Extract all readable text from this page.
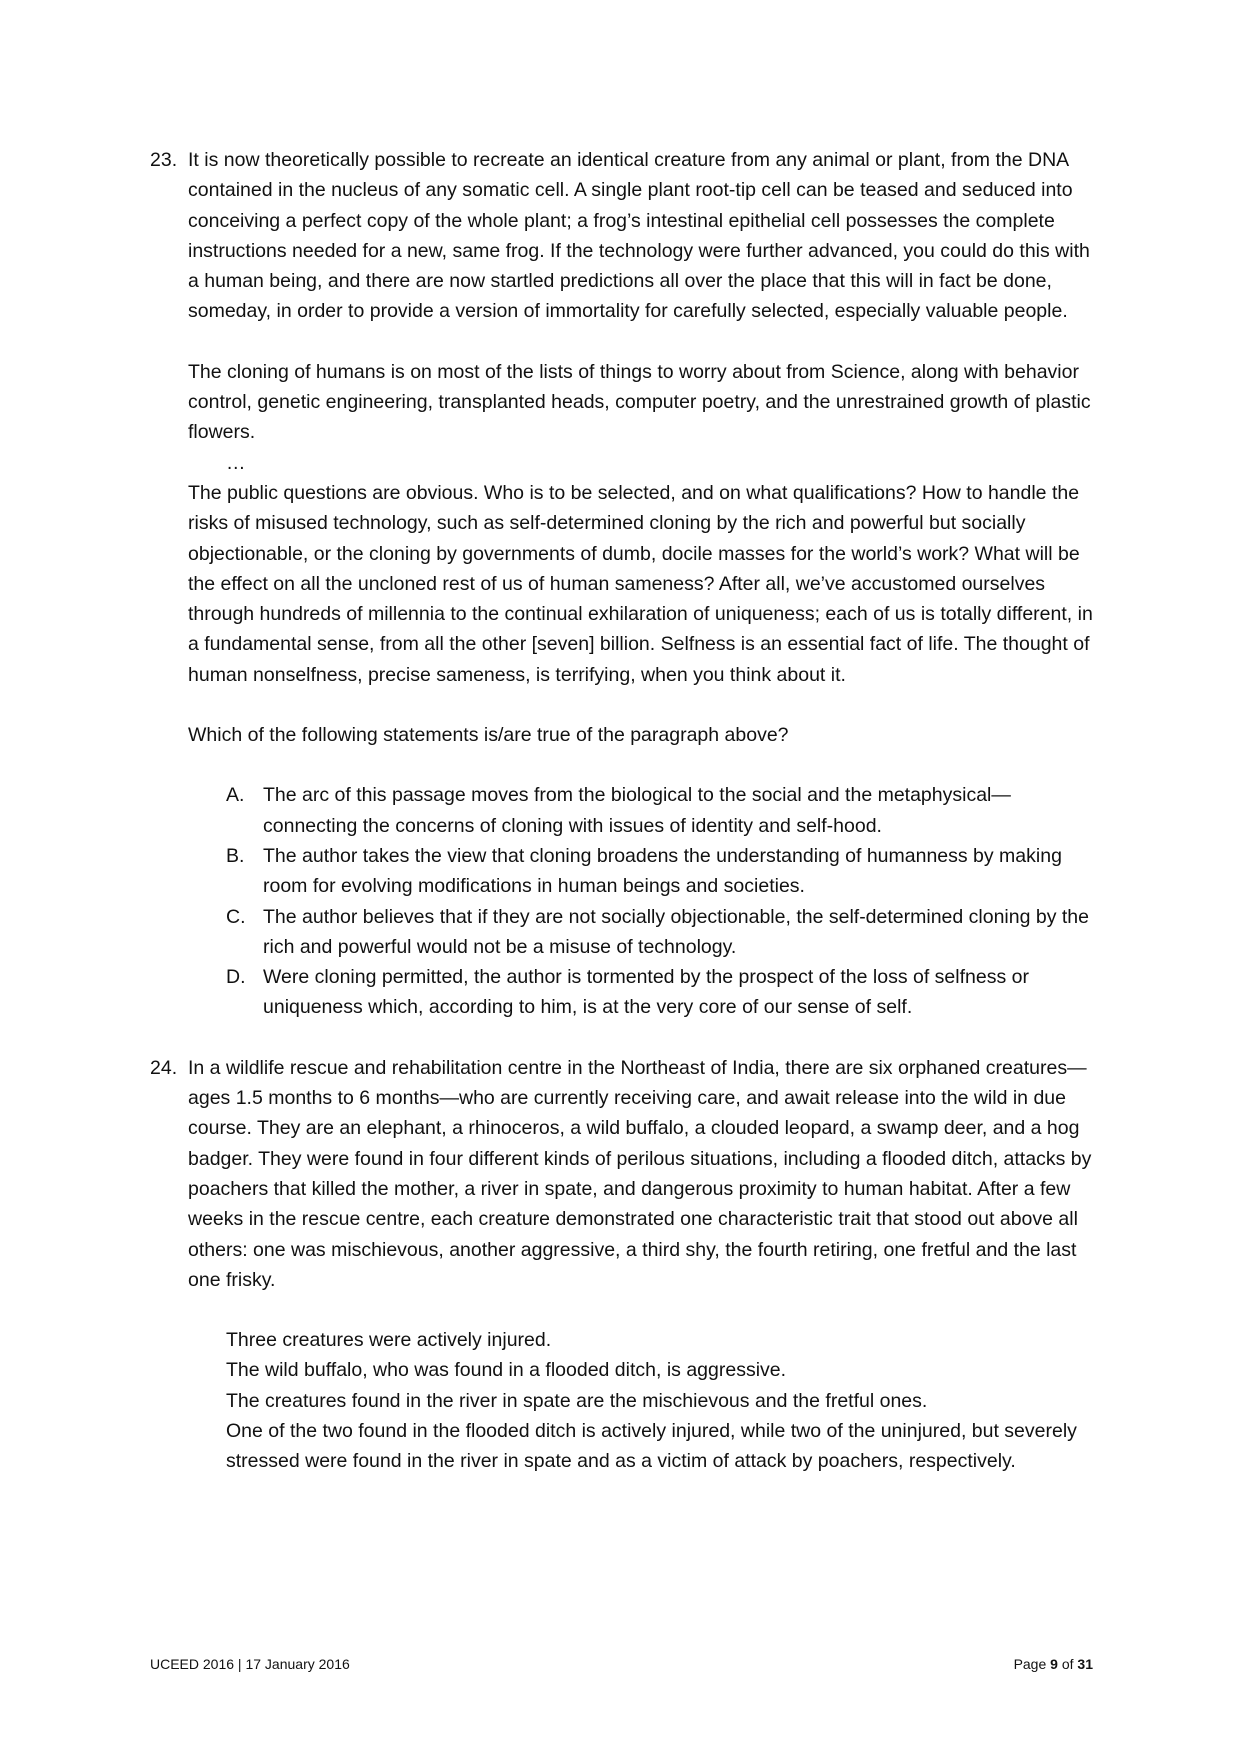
23. It is now theoretically possible to recreate an identical creature from any animal or plant, from the DNA contained in the nucleus of any somatic cell. A single plant root-tip cell can be teased and seduced into conceiving a perfect copy of the whole plant; a frog’s intestinal epithelial cell possesses the complete instructions needed for a new, same frog. If the technology were further advanced, you could do this with a human being, and there are now startled predictions all over the place that this will in fact be done, someday, in order to provide a version of immortality for carefully selected, especially valuable people.

The cloning of humans is on most of the lists of things to worry about from Science, along with behavior control, genetic engineering, transplanted heads, computer poetry, and the unrestrained growth of plastic flowers.

…

The public questions are obvious. Who is to be selected, and on what qualifications? How to handle the risks of misused technology, such as self-determined cloning by the rich and powerful but socially objectionable, or the cloning by governments of dumb, docile masses for the world’s work? What will be the effect on all the uncloned rest of us of human sameness? After all, we’ve accustomed ourselves through hundreds of millennia to the continual exhilaration of uniqueness; each of us is totally different, in a fundamental sense, from all the other [seven] billion. Selfness is an essential fact of life. The thought of human nonselfness, precise sameness, is terrifying, when you think about it.

Which of the following statements is/are true of the paragraph above?

A. The arc of this passage moves from the biological to the social and the metaphysical—connecting the concerns of cloning with issues of identity and self-hood.
B. The author takes the view that cloning broadens the understanding of humanness by making room for evolving modifications in human beings and societies.
C. The author believes that if they are not socially objectionable, the self-determined cloning by the rich and powerful would not be a misuse of technology.
D. Were cloning permitted, the author is tormented by the prospect of the loss of selfness or uniqueness which, according to him, is at the very core of our sense of self.
24. In a wildlife rescue and rehabilitation centre in the Northeast of India, there are six orphaned creatures—ages 1.5 months to 6 months—who are currently receiving care, and await release into the wild in due course. They are an elephant, a rhinoceros, a wild buffalo, a clouded leopard, a swamp deer, and a hog badger. They were found in four different kinds of perilous situations, including a flooded ditch, attacks by poachers that killed the mother, a river in spate, and dangerous proximity to human habitat. After a few weeks in the rescue centre, each creature demonstrated one characteristic trait that stood out above all others: one was mischievous, another aggressive, a third shy, the fourth retiring, one fretful and the last one frisky.

Three creatures were actively injured.

The wild buffalo, who was found in a flooded ditch, is aggressive.

The creatures found in the river in spate are the mischievous and the fretful ones.

One of the two found in the flooded ditch is actively injured, while two of the uninjured, but severely stressed were found in the river in spate and as a victim of attack by poachers, respectively.

UCEED 2016 | 17 January 2016	Page 9 of 31
